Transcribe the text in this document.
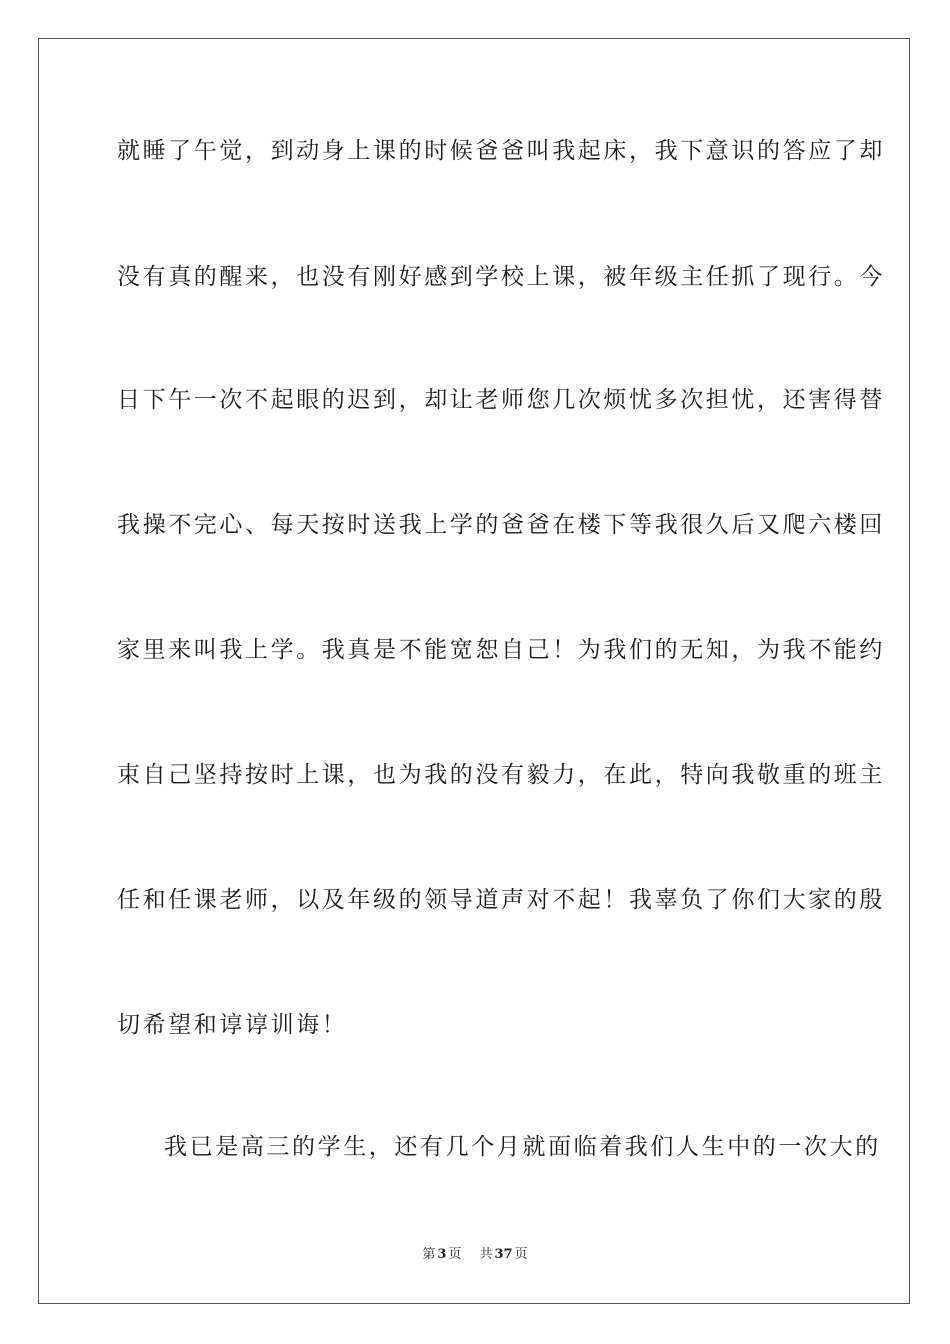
就睡了午觉，到动身上课的时候爸爸叫我起床，我下意识的答应了却
没有真的醒来，也没有刚好感到学校上课，被年级主任抓了现行。今
日下午一次不起眼的迟到，却让老师您几次烦忧多次担忧，还害得替
我操不完心、每天按时送我上学的爸爸在楼下等我很久后又爬六楼回
家里来叫我上学。我真是不能宽恕自己！为我们的无知，为我不能约
束自己坚持按时上课，也为我的没有毅力，在此，特向我敬重的班主
任和任课老师，以及年级的领导道声对不起！我辜负了你们大家的殷
切希望和谆谆训诲！
我已是高三的学生，还有几个月就面临着我们人生中的一次大的
第 3 页 共 37 页
